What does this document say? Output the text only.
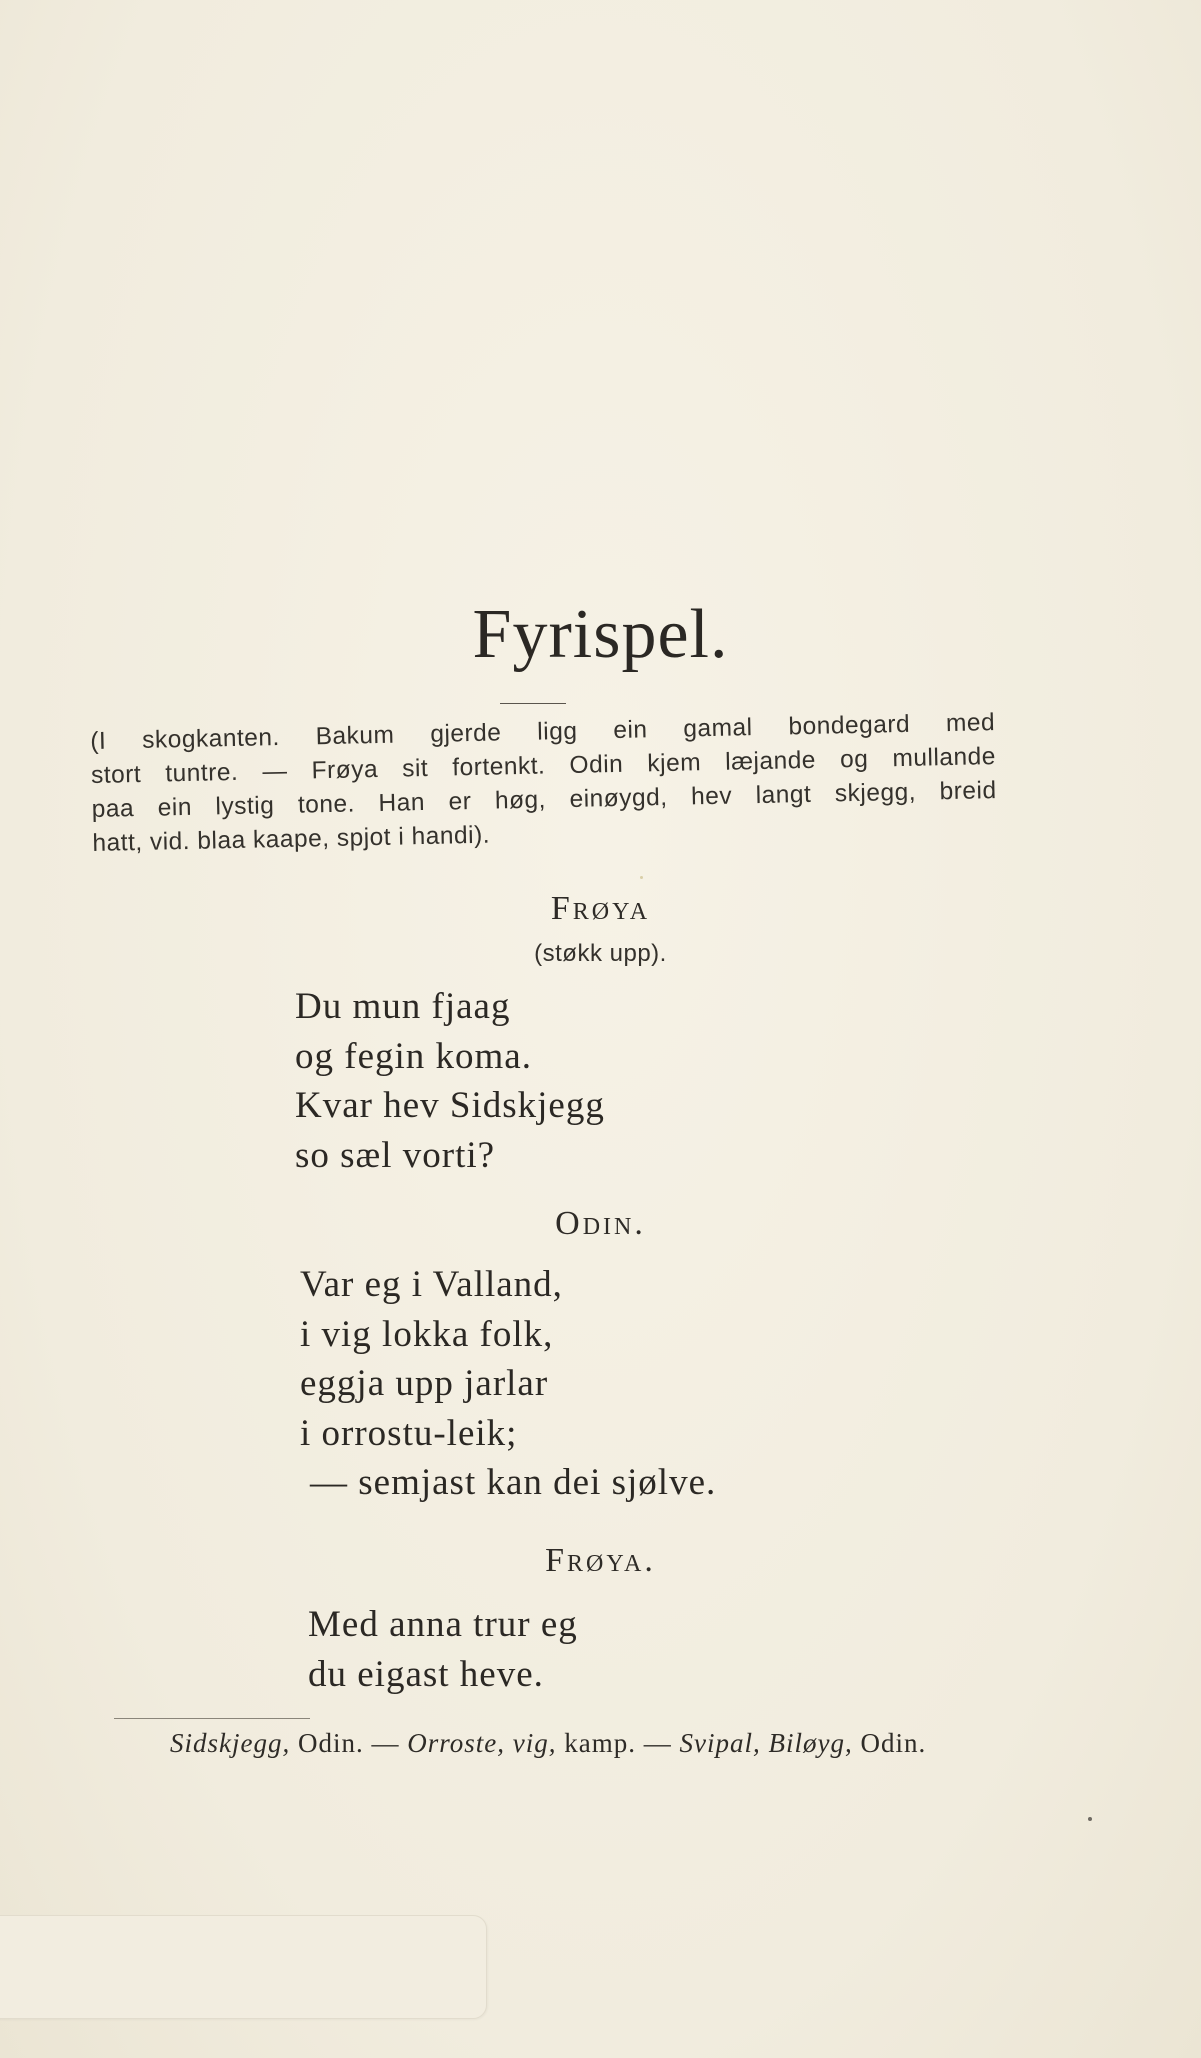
Fyrispel.
(I skogkanten. Bakum gjerde ligg ein gamal bondegard med
stort tuntre. — Frøya sit fortenkt. Odin kjem læjande og mullande
paa ein lystig tone. Han er høg, einøygd, hev langt skjegg, breid
hatt, vid. blaa kaape, spjot i handi).
Frøya
(støkk upp).
Du mun fjaag
og fegin koma.
Kvar hev Sidskjegg
so sæl vorti?
Odin.
Var eg i Valland,
i vig lokka folk,
eggja upp jarlar
i orrostu-leik;
— semjast kan dei sjølve.
Frøya.
Med anna trur eg
du eigast heve.
Sidskjegg, Odin. — Orroste, vig, kamp. — Svipal, Biløyg, Odin.
